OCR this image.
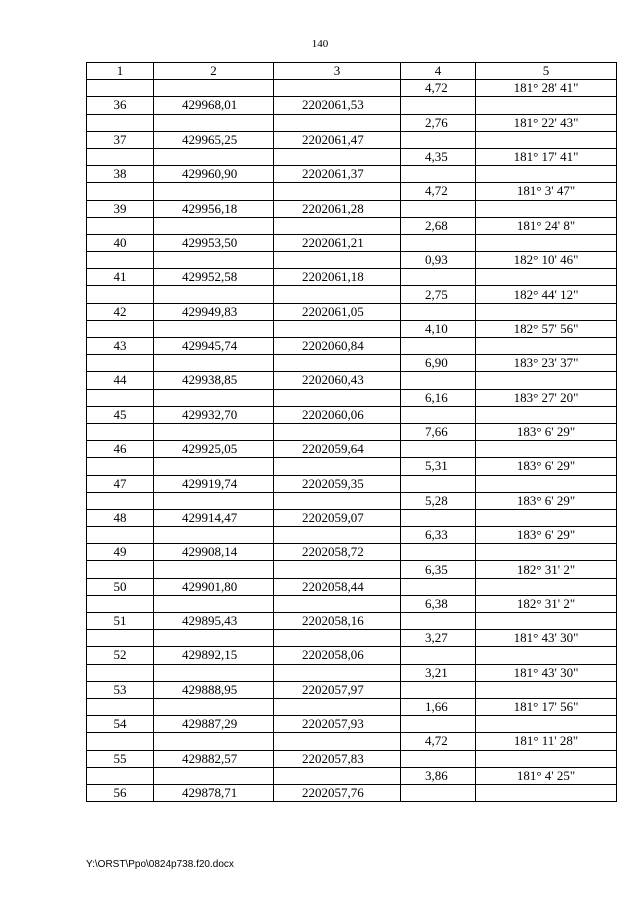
140
1	2	3	4	5
			4,72	181° 28' 41"
36	429968,01	2202061,53		
			2,76	181° 22' 43"
37	429965,25	2202061,47		
			4,35	181° 17' 41"
38	429960,90	2202061,37		
			4,72	181° 3' 47"
39	429956,18	2202061,28		
			2,68	181° 24' 8"
40	429953,50	2202061,21		
			0,93	182° 10' 46"
41	429952,58	2202061,18		
			2,75	182° 44' 12"
42	429949,83	2202061,05		
			4,10	182° 57' 56"
43	429945,74	2202060,84		
			6,90	183° 23' 37"
44	429938,85	2202060,43		
			6,16	183° 27' 20"
45	429932,70	2202060,06		
			7,66	183° 6' 29"
46	429925,05	2202059,64		
			5,31	183° 6' 29"
47	429919,74	2202059,35		
			5,28	183° 6' 29"
48	429914,47	2202059,07		
			6,33	183° 6' 29"
49	429908,14	2202058,72		
			6,35	182° 31' 2"
50	429901,80	2202058,44		
			6,38	182° 31' 2"
51	429895,43	2202058,16		
			3,27	181° 43' 30"
52	429892,15	2202058,06		
			3,21	181° 43' 30"
53	429888,95	2202057,97		
			1,66	181° 17' 56"
54	429887,29	2202057,93		
			4,72	181° 11' 28"
55	429882,57	2202057,83		
			3,86	181° 4' 25"
56	429878,71	2202057,76		
Y:\ORST\Ppo\0824p738.f20.docx
